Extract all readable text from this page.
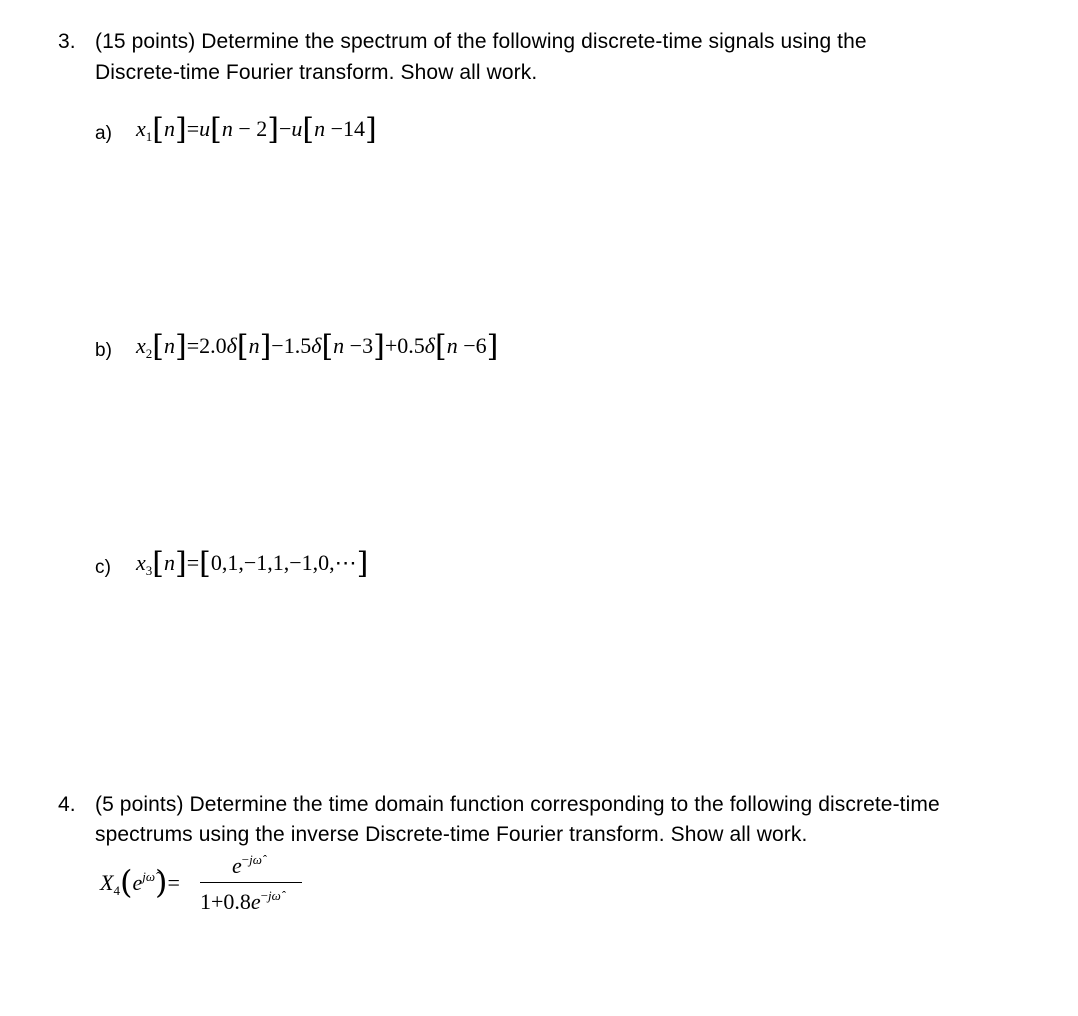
3. (15 points) Determine the spectrum of the following discrete-time signals using the
Discrete-time Fourier transform. Show all work.
a) $x_1[n]=u[n - 2]-u[n -14]$
b) $x_2[n]=2.0\delta[n]-1.5\delta[n -3]+0.5\delta[n -6]$
c) $x_3[n]=[0,1,-1,1,-1,0,\cdots]$
4. (5 points) Determine the time domain function corresponding to the following discrete-time
spectrums using the inverse Discrete-time Fourier transform. Show all work.
$X_4(e^{j\omegâ})=$
$e^{-j\omegâ}$
$1+0.8e^{-j\omegâ}$
